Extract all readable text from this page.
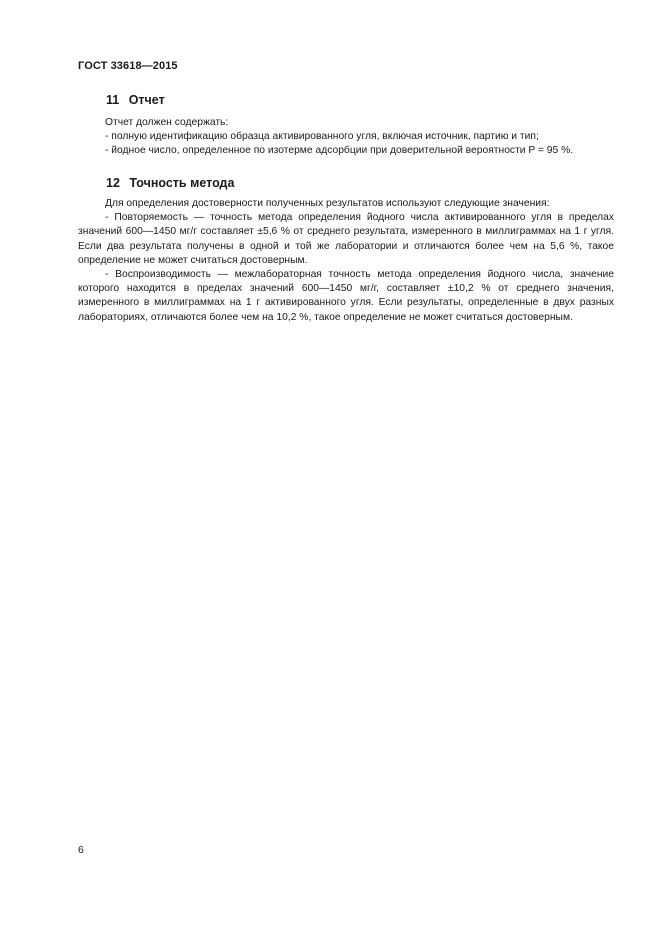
ГОСТ 33618—2015
11 Отчет

Отчет должен содержать:

- полную идентификацию образца активированного угля, включая источник, партию и тип;

- йодное число, определенное по изотерме адсорбции при доверительной вероятности P = 95 %.

12 Точность метода

Для определения достоверности полученных результатов используют следующие значения:

- Повторяемость — точность метода определения йодного числа активированного угля в пределах значений 600—1450 мг/г составляет ±5,6 % от среднего результата, измеренного в миллиграммах на 1 г угля. Если два результата получены в одной и той же лаборатории и отличаются более чем на 5,6 %, такое определение не может считаться достоверным.

- Воспроизводимость — межлабораторная точность метода определения йодного числа, значение которого находится в пределах значений 600—1450 мг/г, составляет ±10,2 % от среднего значения, измеренного в миллиграммах на 1 г активированного угля. Если результаты, определенные в двух разных лабораториях, отличаются более чем на 10,2 %, такое определение не может считаться достоверным.

6
